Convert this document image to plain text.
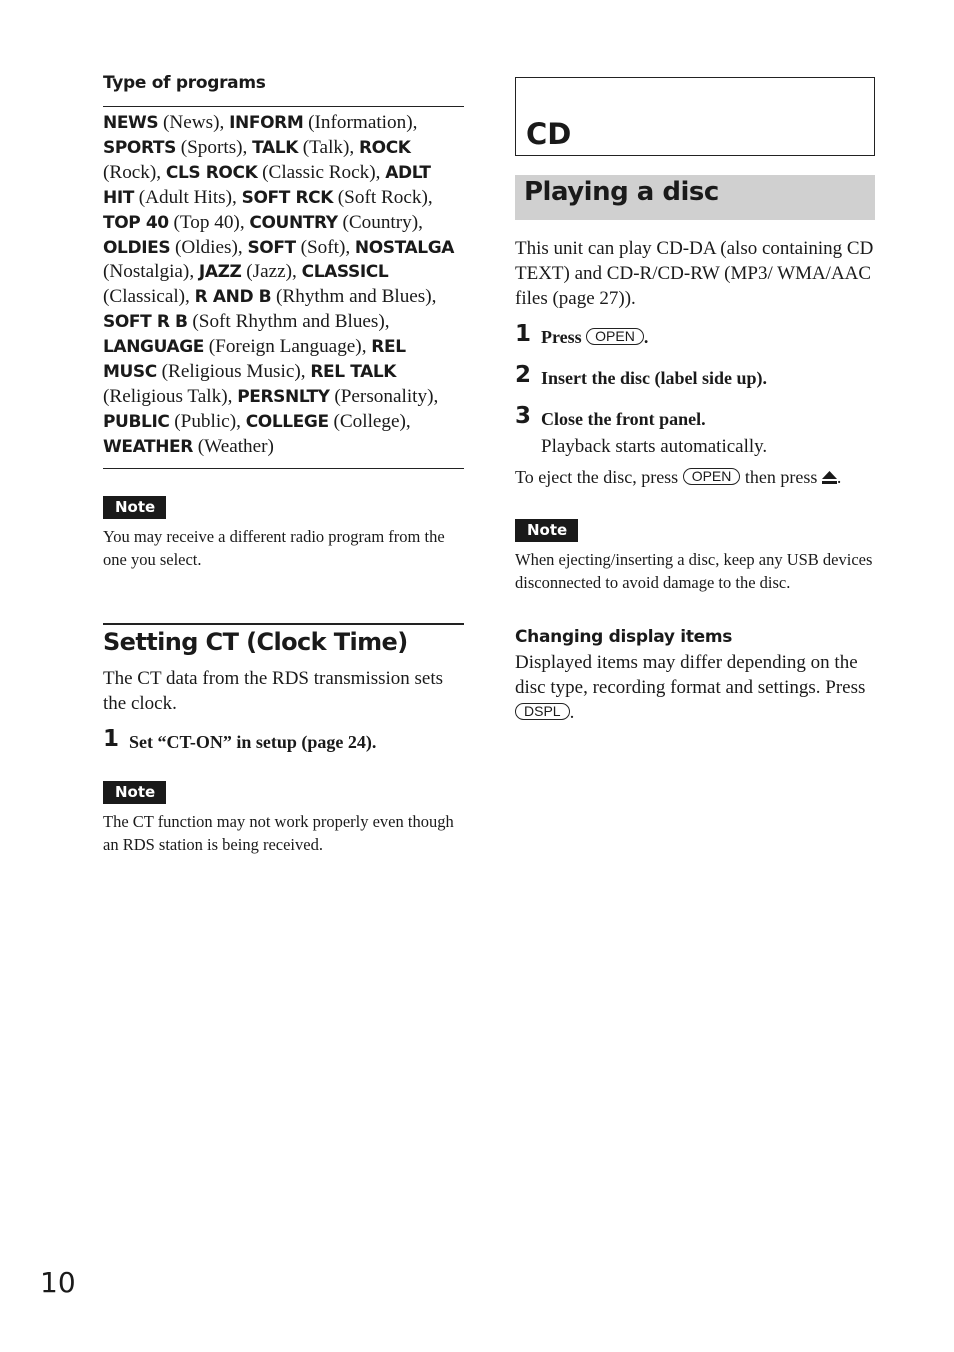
Type of programs

NEWS (News), INFORM (Information), SPORTS (Sports), TALK (Talk), ROCK (Rock), CLS ROCK (Classic Rock), ADLT HIT (Adult Hits), SOFT RCK (Soft Rock), TOP 40 (Top 40), COUNTRY (Country), OLDIES (Oldies), SOFT (Soft), NOSTALGA (Nostalgia), JAZZ (Jazz), CLASSICL (Classical), R AND B (Rhythm and Blues), SOFT R B (Soft Rhythm and Blues), LANGUAGE (Foreign Language), REL MUSC (Religious Music), REL TALK (Religious Talk), PERSNLTY (Personality), PUBLIC (Public), COLLEGE (College), WEATHER (Weather)
Note

You may receive a different radio program from the one you select.

Setting CT (Clock Time)

The CT data from the RDS transmission sets the clock.

1 Set “CT-ON” in setup (page 24).
Note

The CT function may not work properly even though an RDS station is being received.

CD
Playing a disc

This unit can play CD-DA (also containing CD TEXT) and CD-R/CD-RW (MP3/ WMA/AAC files (page 27)).

1 Press OPEN .
2 Insert the disc (label side up).
3 Close the front panel.
Playback starts automatically.

To eject the disc, press OPEN then press .

Note

When ejecting/inserting a disc, keep any USB devices disconnected to avoid damage to the disc.

Changing display items

Displayed items may differ depending on the disc type, recording format and settings. Press DSPL .

10
